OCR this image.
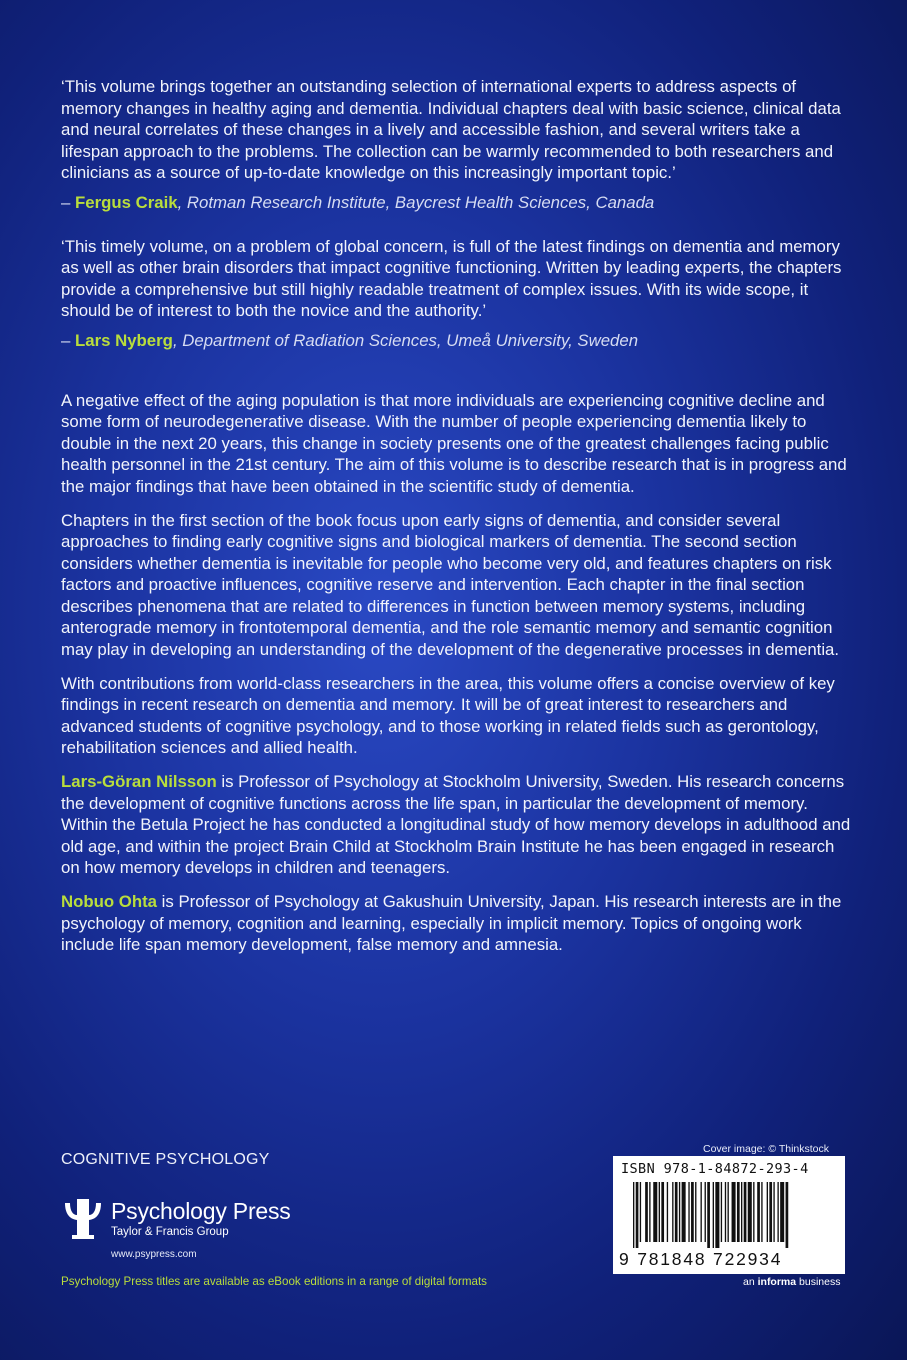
‘This volume brings together an outstanding selection of international experts to address aspects of memory changes in healthy aging and dementia. Individual chapters deal with basic science, clinical data and neural correlates of these changes in a lively and accessible fashion, and several writers take a lifespan approach to the problems. The collection can be warmly recommended to both researchers and clinicians as a source of up-to-date knowledge on this increasingly important topic.’

– Fergus Craik, Rotman Research Institute, Baycrest Health Sciences, Canada

‘This timely volume, on a problem of global concern, is full of the latest findings on dementia and memory as well as other brain disorders that impact cognitive functioning. Written by leading experts, the chapters provide a comprehensive but still highly readable treatment of complex issues. With its wide scope, it should be of interest to both the novice and the authority.’

– Lars Nyberg, Department of Radiation Sciences, Umeå University, Sweden

A negative effect of the aging population is that more individuals are experiencing cognitive decline and some form of neurodegenerative disease. With the number of people experiencing dementia likely to double in the next 20 years, this change in society presents one of the greatest challenges facing public health personnel in the 21st century. The aim of this volume is to describe research that is in progress and the major findings that have been obtained in the scientific study of dementia.

Chapters in the first section of the book focus upon early signs of dementia, and consider several approaches to finding early cognitive signs and biological markers of dementia. The second section considers whether dementia is inevitable for people who become very old, and features chapters on risk factors and proactive influences, cognitive reserve and intervention. Each chapter in the final section describes phenomena that are related to differences in function between memory systems, including anterograde memory in frontotemporal dementia, and the role semantic memory and semantic cognition may play in developing an understanding of the development of the degenerative processes in dementia.

With contributions from world-class researchers in the area, this volume offers a concise overview of key findings in recent research on dementia and memory. It will be of great interest to researchers and advanced students of cognitive psychology, and to those working in related fields such as gerontology, rehabilitation sciences and allied health.

Lars-Göran Nilsson is Professor of Psychology at Stockholm University, Sweden. His research concerns the development of cognitive functions across the life span, in particular the development of memory. Within the Betula Project he has conducted a longitudinal study of how memory develops in adulthood and old age, and within the project Brain Child at Stockholm Brain Institute he has been engaged in research on how memory develops in children and teenagers.

Nobuo Ohta is Professor of Psychology at Gakushuin University, Japan. His research interests are in the psychology of memory, cognition and learning, especially in implicit memory. Topics of ongoing work include life span memory development, false memory and amnesia.

COGNITIVE PSYCHOLOGY
Psychology Press
Taylor & Francis Group
www.psypress.com
Psychology Press titles are available as eBook editions in a range of digital formats
Cover image: © Thinkstock
ISBN 978-1-84872-293-4
9 781848 722934
an informa business
